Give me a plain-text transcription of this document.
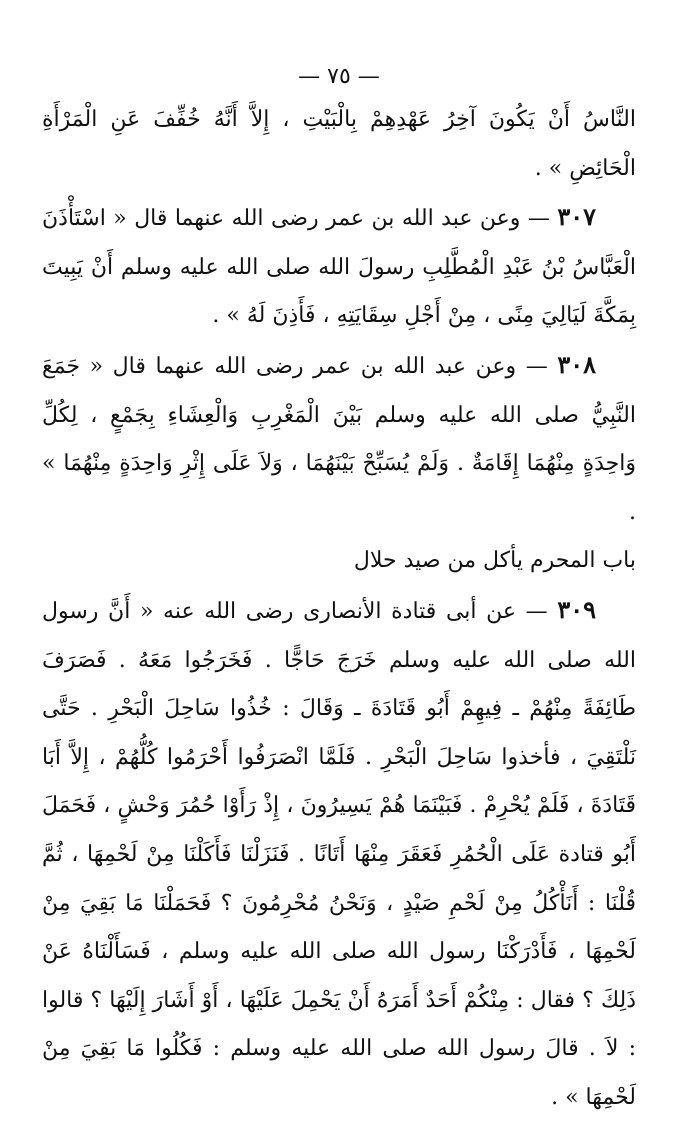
— ٧٥ —

النَّاسُ أَنْ يَكُونَ آخِرُ عَهْدِهِمْ بِالْبَيْتِ ، إِلاَّ أَنَّهُ خُفِّفَ عَنِ الْمَرْأَةِ الْحَائِضِ » .

٣٠٧ — وعن عبد الله بن عمر رضى الله عنهما قال « اسْتَأْذَنَ الْعَبَّاسُ بْنُ عَبْدِ الْمُطَّلِبِ رسولَ الله صلى الله عليه وسلم أَنْ يَبِيتَ بِمَكَّةَ لَيَالِيَ مِنًى ، مِنْ أَجْلِ سِقَايَتِهِ ، فَأَذِنَ لَهُ » .

٣٠٨ — وعن عبد الله بن عمر رضى الله عنهما قال « جَمَعَ النَّبِيُّ صلى الله عليه وسلم بَيْنَ الْمَغْرِبِ وَالْعِشَاءِ بِجَمْعٍ ، لِكُلِّ وَاحِدَةٍ مِنْهُمَا إِقَامَةٌ . وَلَمْ يُسَبِّحْ بَيْنَهُمَا ، وَلاَ عَلَى إِثْرِ وَاحِدَةٍ مِنْهُمَا » .

باب المحرم يأكل من صيد حلال

٣٠٩ — عن أبى قتادة الأنصارى رضى الله عنه « أَنَّ رسول الله صلى الله عليه وسلم خَرَجَ حَاجًّا . فَخَرَجُوا مَعَهُ . فَصَرَفَ طَائِفَةً مِنْهُمْ ـ فِيهِمْ أَبُو قَتَادَةَ ـ وَقَالَ : خُذُوا سَاحِلَ الْبَحْرِ . حَتَّى نَلْتَقِيَ ، فأخذوا سَاحِلَ الْبَحْرِ . فَلَمَّا انْصَرَفُوا أَحْرَمُوا كُلُّهُمْ ، إِلاَّ أَبَا قَتَادَةَ ، فَلَمْ يُحْرِمْ . فَبَيْنَمَا هُمْ يَسِيرُونَ ، إِذْ رَأَوْا حُمُرَ وَحْشٍ ، فَحَمَلَ أَبُو قتادة عَلَى الْحُمُرِ فَعَقَرَ مِنْهَا أَتَانًا . فَنَزَلْنَا فَأَكَلْنَا مِنْ لَحْمِهَا ، ثُمَّ قُلْنَا : أَنَأْكُلُ مِنْ لَحْمِ صَيْدٍ ، وَنَحْنُ مُحْرِمُونَ ؟ فَحَمَلْنَا مَا بَقِيَ مِنْ لَحْمِهَا ، فَأَدْرَكْنَا رسول الله صلى الله عليه وسلم ، فَسَأَلْنَاهُ عَنْ ذَلِكَ ؟ فقال : مِنْكُمْ أَحَدٌ أَمَرَهُ أَنْ يَحْمِلَ عَلَيْهَا ، أَوْ أَشَارَ إِلَيْهَا ؟ قالوا : لاَ . قالَ رسول الله صلى الله عليه وسلم : فَكُلُوا مَا بَقِيَ مِنْ لَحْمِهَا » .
